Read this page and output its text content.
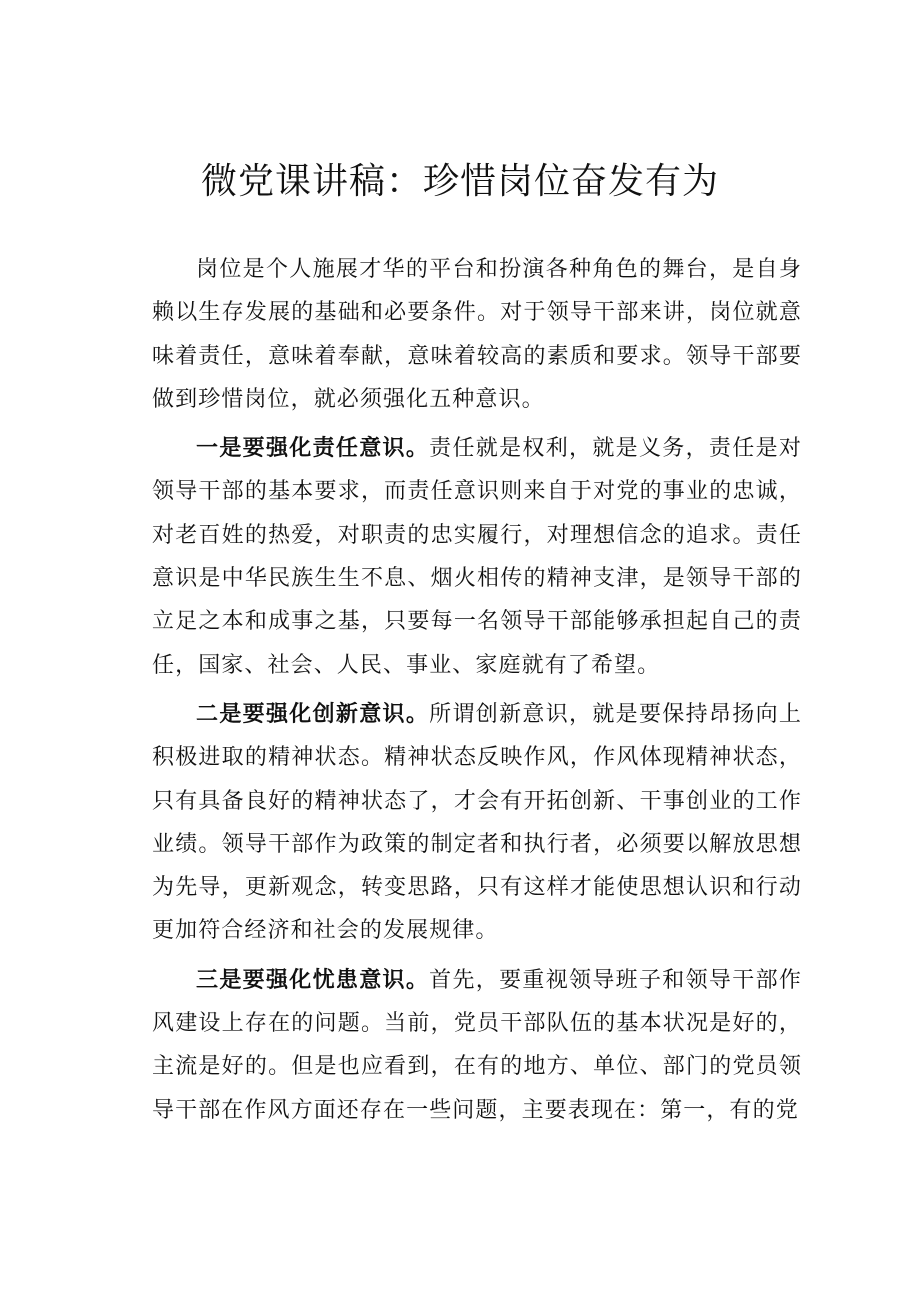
微党课讲稿：珍惜岗位奋发有为

岗位是个人施展才华的平台和扮演各种角色的舞台，是自身赖以生存发展的基础和必要条件。对于领导干部来讲，岗位就意味着责任，意味着奉献，意味着较高的素质和要求。领导干部要做到珍惜岗位，就必须强化五种意识。

一是要强化责任意识。责任就是权利，就是义务，责任是对领导干部的基本要求，而责任意识则来自于对党的事业的忠诚，对老百姓的热爱，对职责的忠实履行，对理想信念的追求。责任意识是中华民族生生不息、烟火相传的精神支津，是领导干部的立足之本和成事之基，只要每一名领导干部能够承担起自己的责任，国家、社会、人民、事业、家庭就有了希望。

二是要强化创新意识。所谓创新意识，就是要保持昂扬向上积极进取的精神状态。精神状态反映作风，作风体现精神状态，只有具备良好的精神状态了，才会有开拓创新、干事创业的工作业绩。领导干部作为政策的制定者和执行者，必须要以解放思想为先导，更新观念，转变思路，只有这样才能使思想认识和行动更加符合经济和社会的发展规律。

三是要强化忧患意识。首先，要重视领导班子和领导干部作风建设上存在的问题。当前，党员干部队伍的基本状况是好的，主流是好的。但是也应看到，在有的地方、单位、部门的党员领导干部在作风方面还存在一些问题，主要表现在：第一，有的党
